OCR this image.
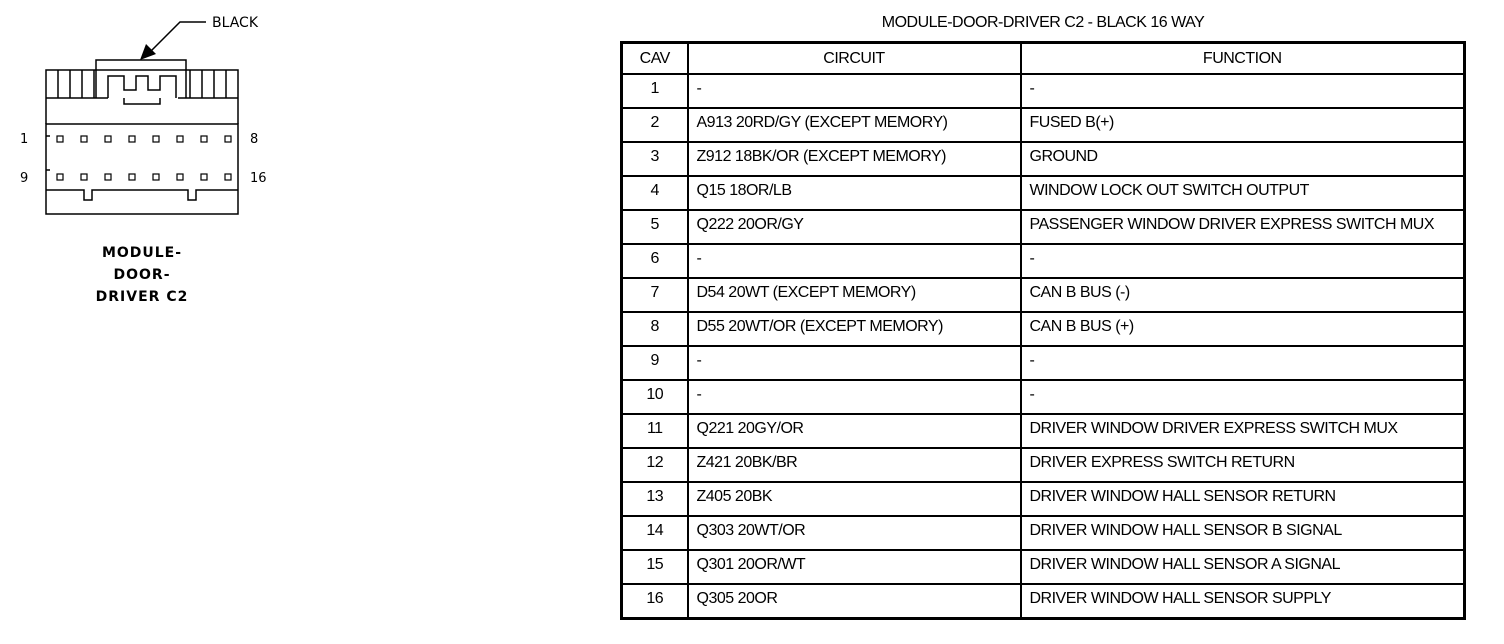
BLACK
1	8
9	16
MODULE-
DOOR-
DRIVER C2
MODULE-DOOR-DRIVER C2 - BLACK 16 WAY
CAV	CIRCUIT	FUNCTION
1	-	-
2	A913 20RD/GY (EXCEPT MEMORY)	FUSED B(+)
3	Z912 18BK/OR (EXCEPT MEMORY)	GROUND
4	Q15 18OR/LB	WINDOW LOCK OUT SWITCH OUTPUT
5	Q222 20OR/GY	PASSENGER WINDOW DRIVER EXPRESS SWITCH MUX
6	-	-
7	D54 20WT (EXCEPT MEMORY)	CAN B BUS (-)
8	D55 20WT/OR (EXCEPT MEMORY)	CAN B BUS (+)
9	-	-
10	-	-
11	Q221 20GY/OR	DRIVER WINDOW DRIVER EXPRESS SWITCH MUX
12	Z421 20BK/BR	DRIVER EXPRESS SWITCH RETURN
13	Z405 20BK	DRIVER WINDOW HALL SENSOR RETURN
14	Q303 20WT/OR	DRIVER WINDOW HALL SENSOR B SIGNAL
15	Q301 20OR/WT	DRIVER WINDOW HALL SENSOR A SIGNAL
16	Q305 20OR	DRIVER WINDOW HALL SENSOR SUPPLY
